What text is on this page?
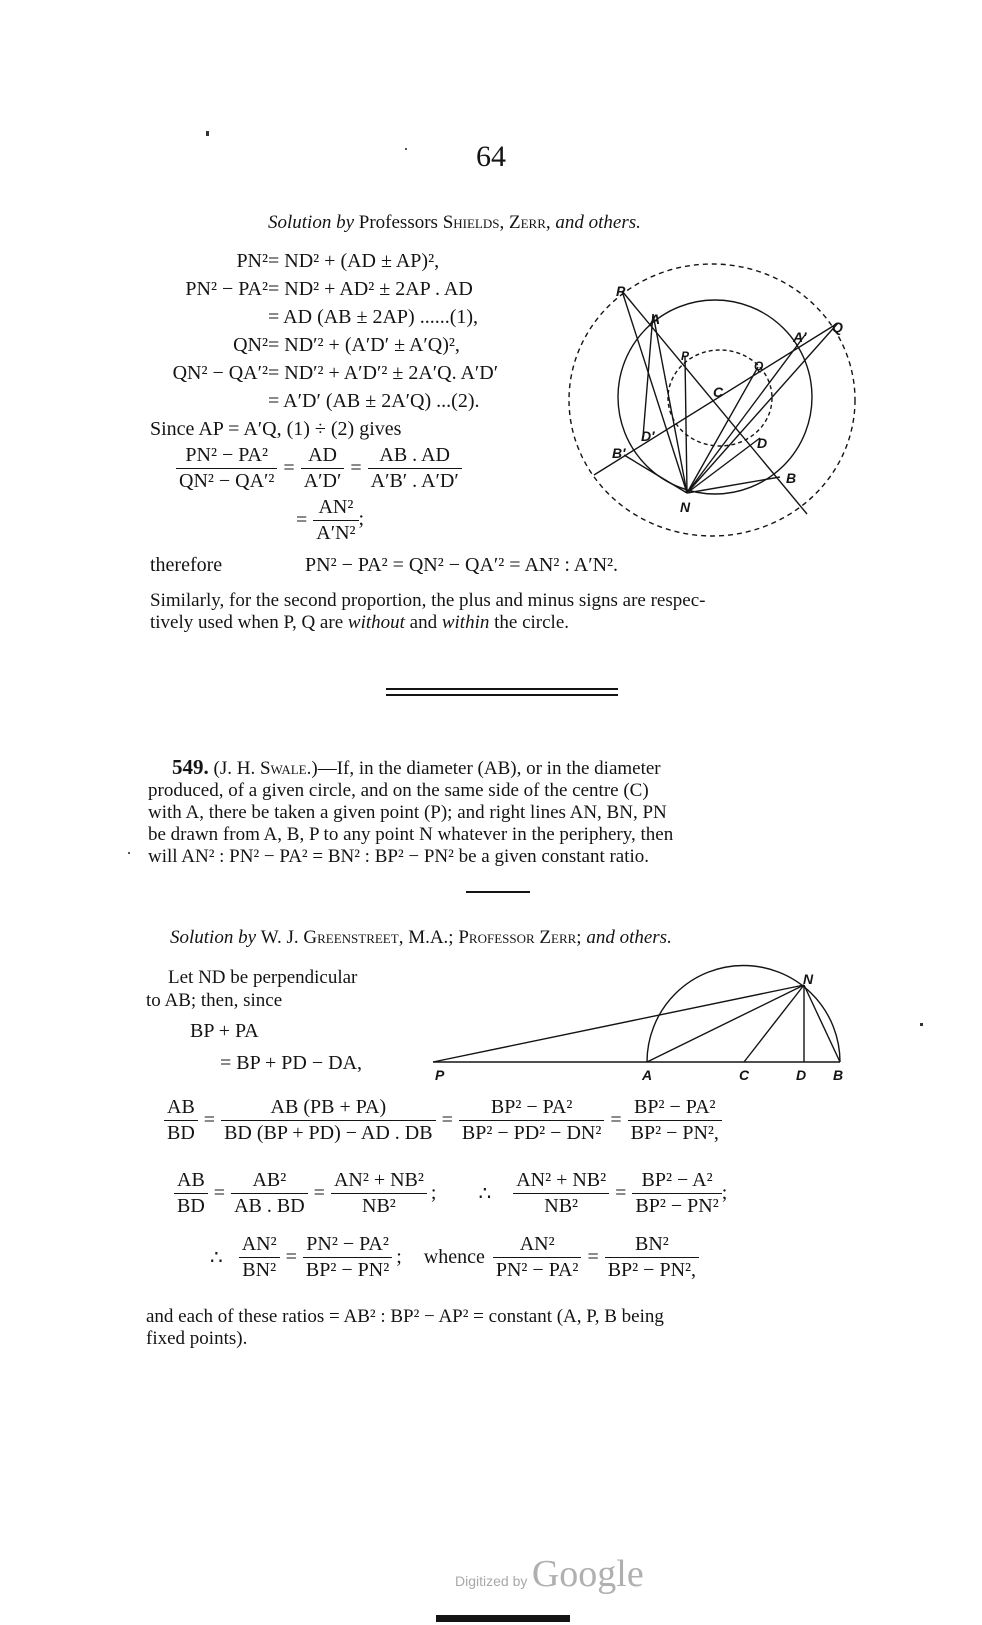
64
Solution by Professors Shields, Zerr, and others.
PN²= ND² + (AD ± AP)²,
PN² − PA²= ND² + AD² ± 2AP . AD
= AD (AB ± 2AP) ......(1),
QN²= ND′² + (A′D′ ± A′Q)²,
QN² − QA′²= ND′² + A′D′² ± 2A′Q. A′D′
= A′D′ (AB ± 2A′Q) ...(2).
Since AP = A′Q, (1) ÷ (2) gives
$\frac{\text{PN² − PA²}}{\text{QN² − QA′²}} = \frac{AD}{A'D'} = \frac{AB . AD}{A'B' . A'D'}$
= $\frac{\text{AN²}}{\text{A′N²}}$ ;
therefore	PN² − PA² = QN² − QA′² = AN² : A′N².
Similarly, for the second proportion, the plus and minus signs are respec-
tively used when P, Q are without and within the circle.
P
A
A′
Q
P
Q
C
D′	D
B′
B
N
549. (J. H. Swale.)—If, in the diameter (AB), or in the diameter
produced, of a given circle, and on the same side of the centre (C)
with A, there be taken a given point (P); and right lines AN, BN, PN
be drawn from A, B, P to any point N whatever in the periphery, then
will AN² : PN² − PA² = BN² : BP² − PN² be a given constant ratio.
Solution by W. J. Greenstreet, M.A.; Professor Zerr; and others.
Let ND be perpendicular
to AB; then, since
BP + PA
= BP + PD − DA,
N
P	A	C	D B
$\frac{AB}{BD} = \frac{AB (PB + PA)}{BD (BP + PD) - AD . DB} = \frac{\text{BP² − PA²}}{\text{BP² − PD² − DN²}} = \frac{\text{BP² − PA²}}{\text{BP² − PN²,}}$
$\frac{AB}{BD} = \frac{\text{AB²}}{AB . BD} = \frac{\text{AN² + NB²}}{\text{NB²}}$ ; ∴ $\frac{\text{AN² + NB²}}{\text{NB²}} = \frac{\text{BP² − A²}}{\text{BP² − PN²}}$ ;
∴ $\frac{\text{AN²}}{\text{BN²}} = \frac{\text{PN² − PA²}}{\text{BP² − PN²}}$ ; whence $\frac{\text{AN²}}{\text{PN² − PA²}} = \frac{\text{BN²}}{\text{BP² − PN²,}}$
and each of these ratios = AB² : BP² − AP² = constant (A, P, B being
fixed points).
Digitized by Google
